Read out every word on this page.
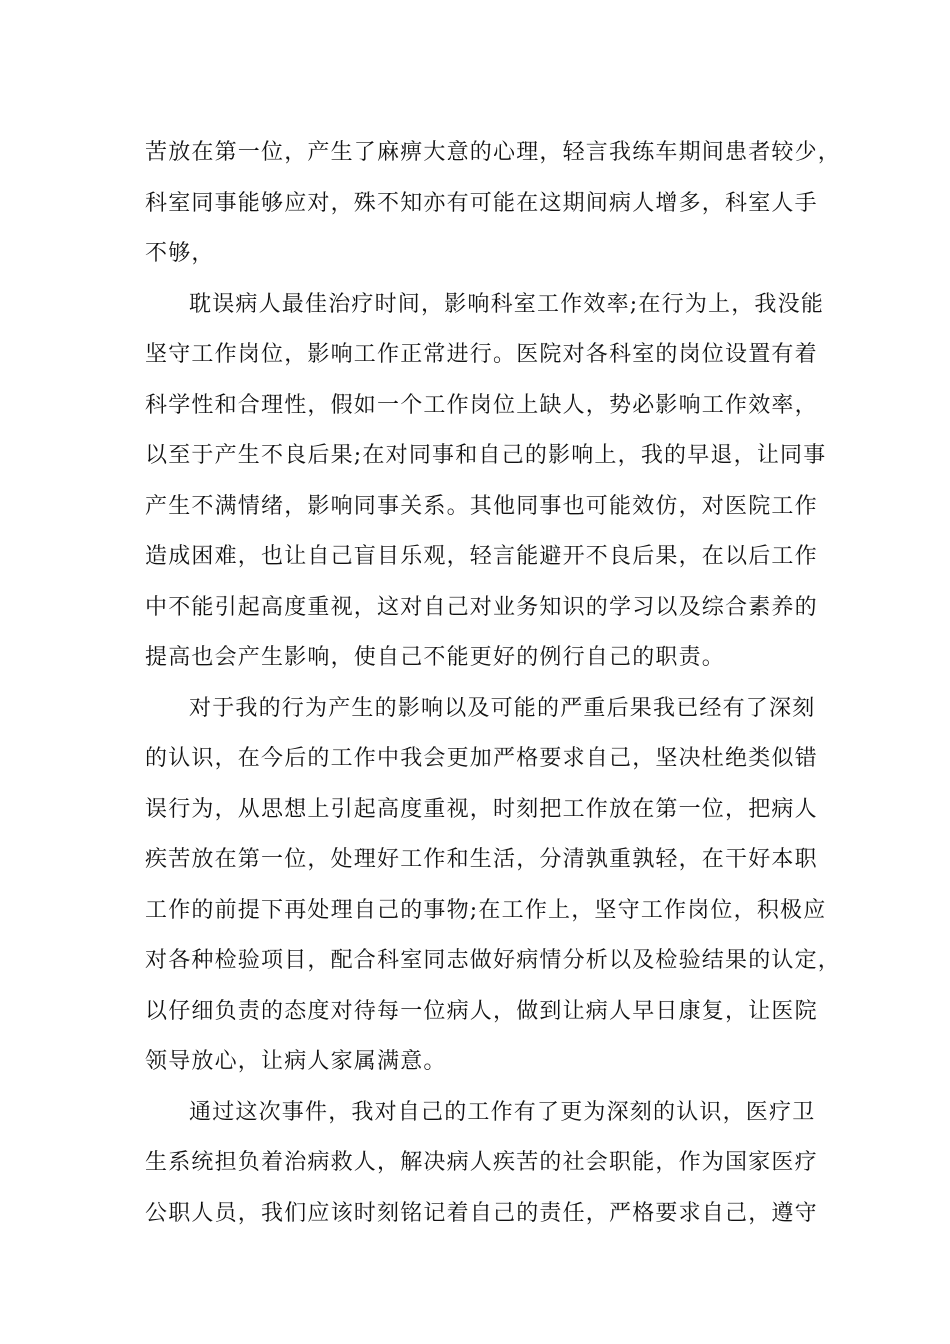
苦放在第一位，产生了麻痹大意的心理，轻言我练车期间患者较少，
科室同事能够应对，殊不知亦有可能在这期间病人增多，科室人手
不够，
耽误病人最佳治疗时间，影响科室工作效率;在行为上，我没能
坚守工作岗位，影响工作正常进行。医院对各科室的岗位设置有着
科学性和合理性，假如一个工作岗位上缺人，势必影响工作效率，
以至于产生不良后果;在对同事和自己的影响上，我的早退，让同事
产生不满情绪，影响同事关系。其他同事也可能效仿，对医院工作
造成困难，也让自己盲目乐观，轻言能避开不良后果，在以后工作
中不能引起高度重视，这对自己对业务知识的学习以及综合素养的
提高也会产生影响，使自己不能更好的例行自己的职责。
对于我的行为产生的影响以及可能的严重后果我已经有了深刻
的认识，在今后的工作中我会更加严格要求自己，坚决杜绝类似错
误行为，从思想上引起高度重视，时刻把工作放在第一位，把病人
疾苦放在第一位，处理好工作和生活，分清孰重孰轻，在干好本职
工作的前提下再处理自己的事物;在工作上，坚守工作岗位，积极应
对各种检验项目，配合科室同志做好病情分析以及检验结果的认定，
以仔细负责的态度对待每一位病人，做到让病人早日康复，让医院
领导放心，让病人家属满意。
通过这次事件，我对自己的工作有了更为深刻的认识，医疗卫
生系统担负着治病救人，解决病人疾苦的社会职能，作为国家医疗
公职人员，我们应该时刻铭记着自己的责任，严格要求自己，遵守
